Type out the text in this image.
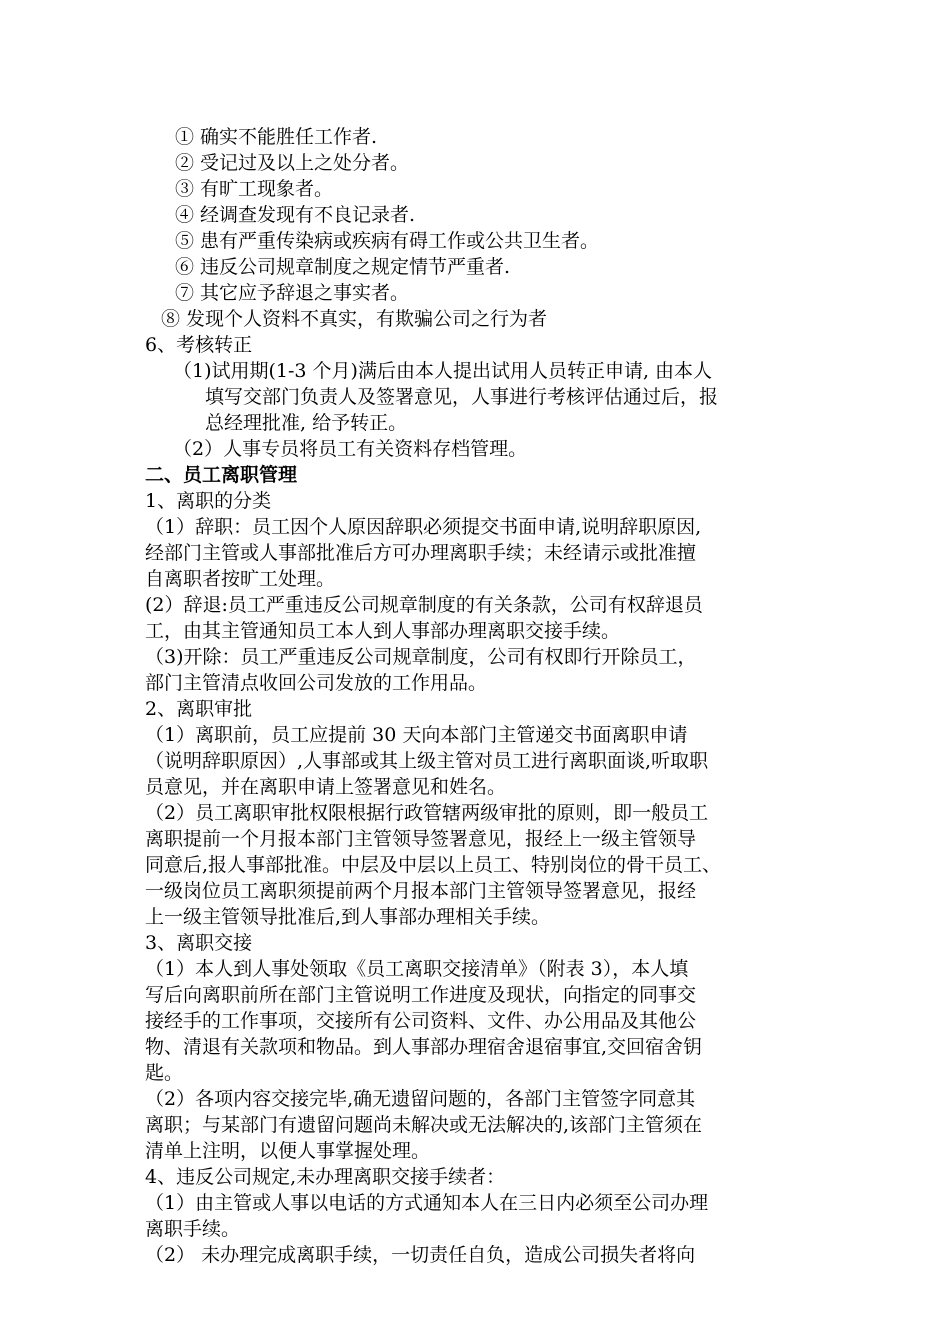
① 确实不能胜任工作者.
② 受记过及以上之处分者。
③ 有旷工现象者。
④ 经调查发现有不良记录者.
⑤ 患有严重传染病或疾病有碍工作或公共卫生者。
⑥ 违反公司规章制度之规定情节严重者.
⑦ 其它应予辞退之事实者。
⑧ 发现个人资料不真实，有欺骗公司之行为者
6、考核转正
（1)试用期(1-3 个月)满后由本人提出试用人员转正申请, 由本人
填写交部门负责人及签署意见，人事进行考核评估通过后，报
总经理批准, 给予转正。
（2）人事专员将员工有关资料存档管理。
二、员工离职管理
1、离职的分类
（1）辞职：员工因个人原因辞职必须提交书面申请,说明辞职原因,
经部门主管或人事部批准后方可办理离职手续；未经请示或批准擅
自离职者按旷工处理。
(2）辞退:员工严重违反公司规章制度的有关条款，公司有权辞退员
工，由其主管通知员工本人到人事部办理离职交接手续。
（3)开除：员工严重违反公司规章制度，公司有权即行开除员工，
部门主管清点收回公司发放的工作用品。
2、离职审批
（1）离职前，员工应提前 30 天向本部门主管递交书面离职申请
（说明辞职原因）,人事部或其上级主管对员工进行离职面谈,听取职
员意见，并在离职申请上签署意见和姓名。
（2）员工离职审批权限根据行政管辖两级审批的原则，即一般员工
离职提前一个月报本部门主管领导签署意见，报经上一级主管领导
同意后,报人事部批准。中层及中层以上员工、特别岗位的骨干员工、
一级岗位员工离职须提前两个月报本部门主管领导签署意见，报经
上一级主管领导批准后,到人事部办理相关手续。
3、离职交接
（1）本人到人事处领取《员工离职交接清单》（附表 3），本人填
写后向离职前所在部门主管说明工作进度及现状，向指定的同事交
接经手的工作事项，交接所有公司资料、文件、办公用品及其他公
物、清退有关款项和物品。到人事部办理宿舍退宿事宜,交回宿舍钥
匙。
（2）各项内容交接完毕,确无遗留问题的，各部门主管签字同意其
离职；与某部门有遗留问题尚未解决或无法解决的,该部门主管须在
清单上注明，以便人事掌握处理。
4、违反公司规定,未办理离职交接手续者：
（1）由主管或人事以电话的方式通知本人在三日内必须至公司办理
离职手续。
（2） 未办理完成离职手续，一切责任自负，造成公司损失者将向
